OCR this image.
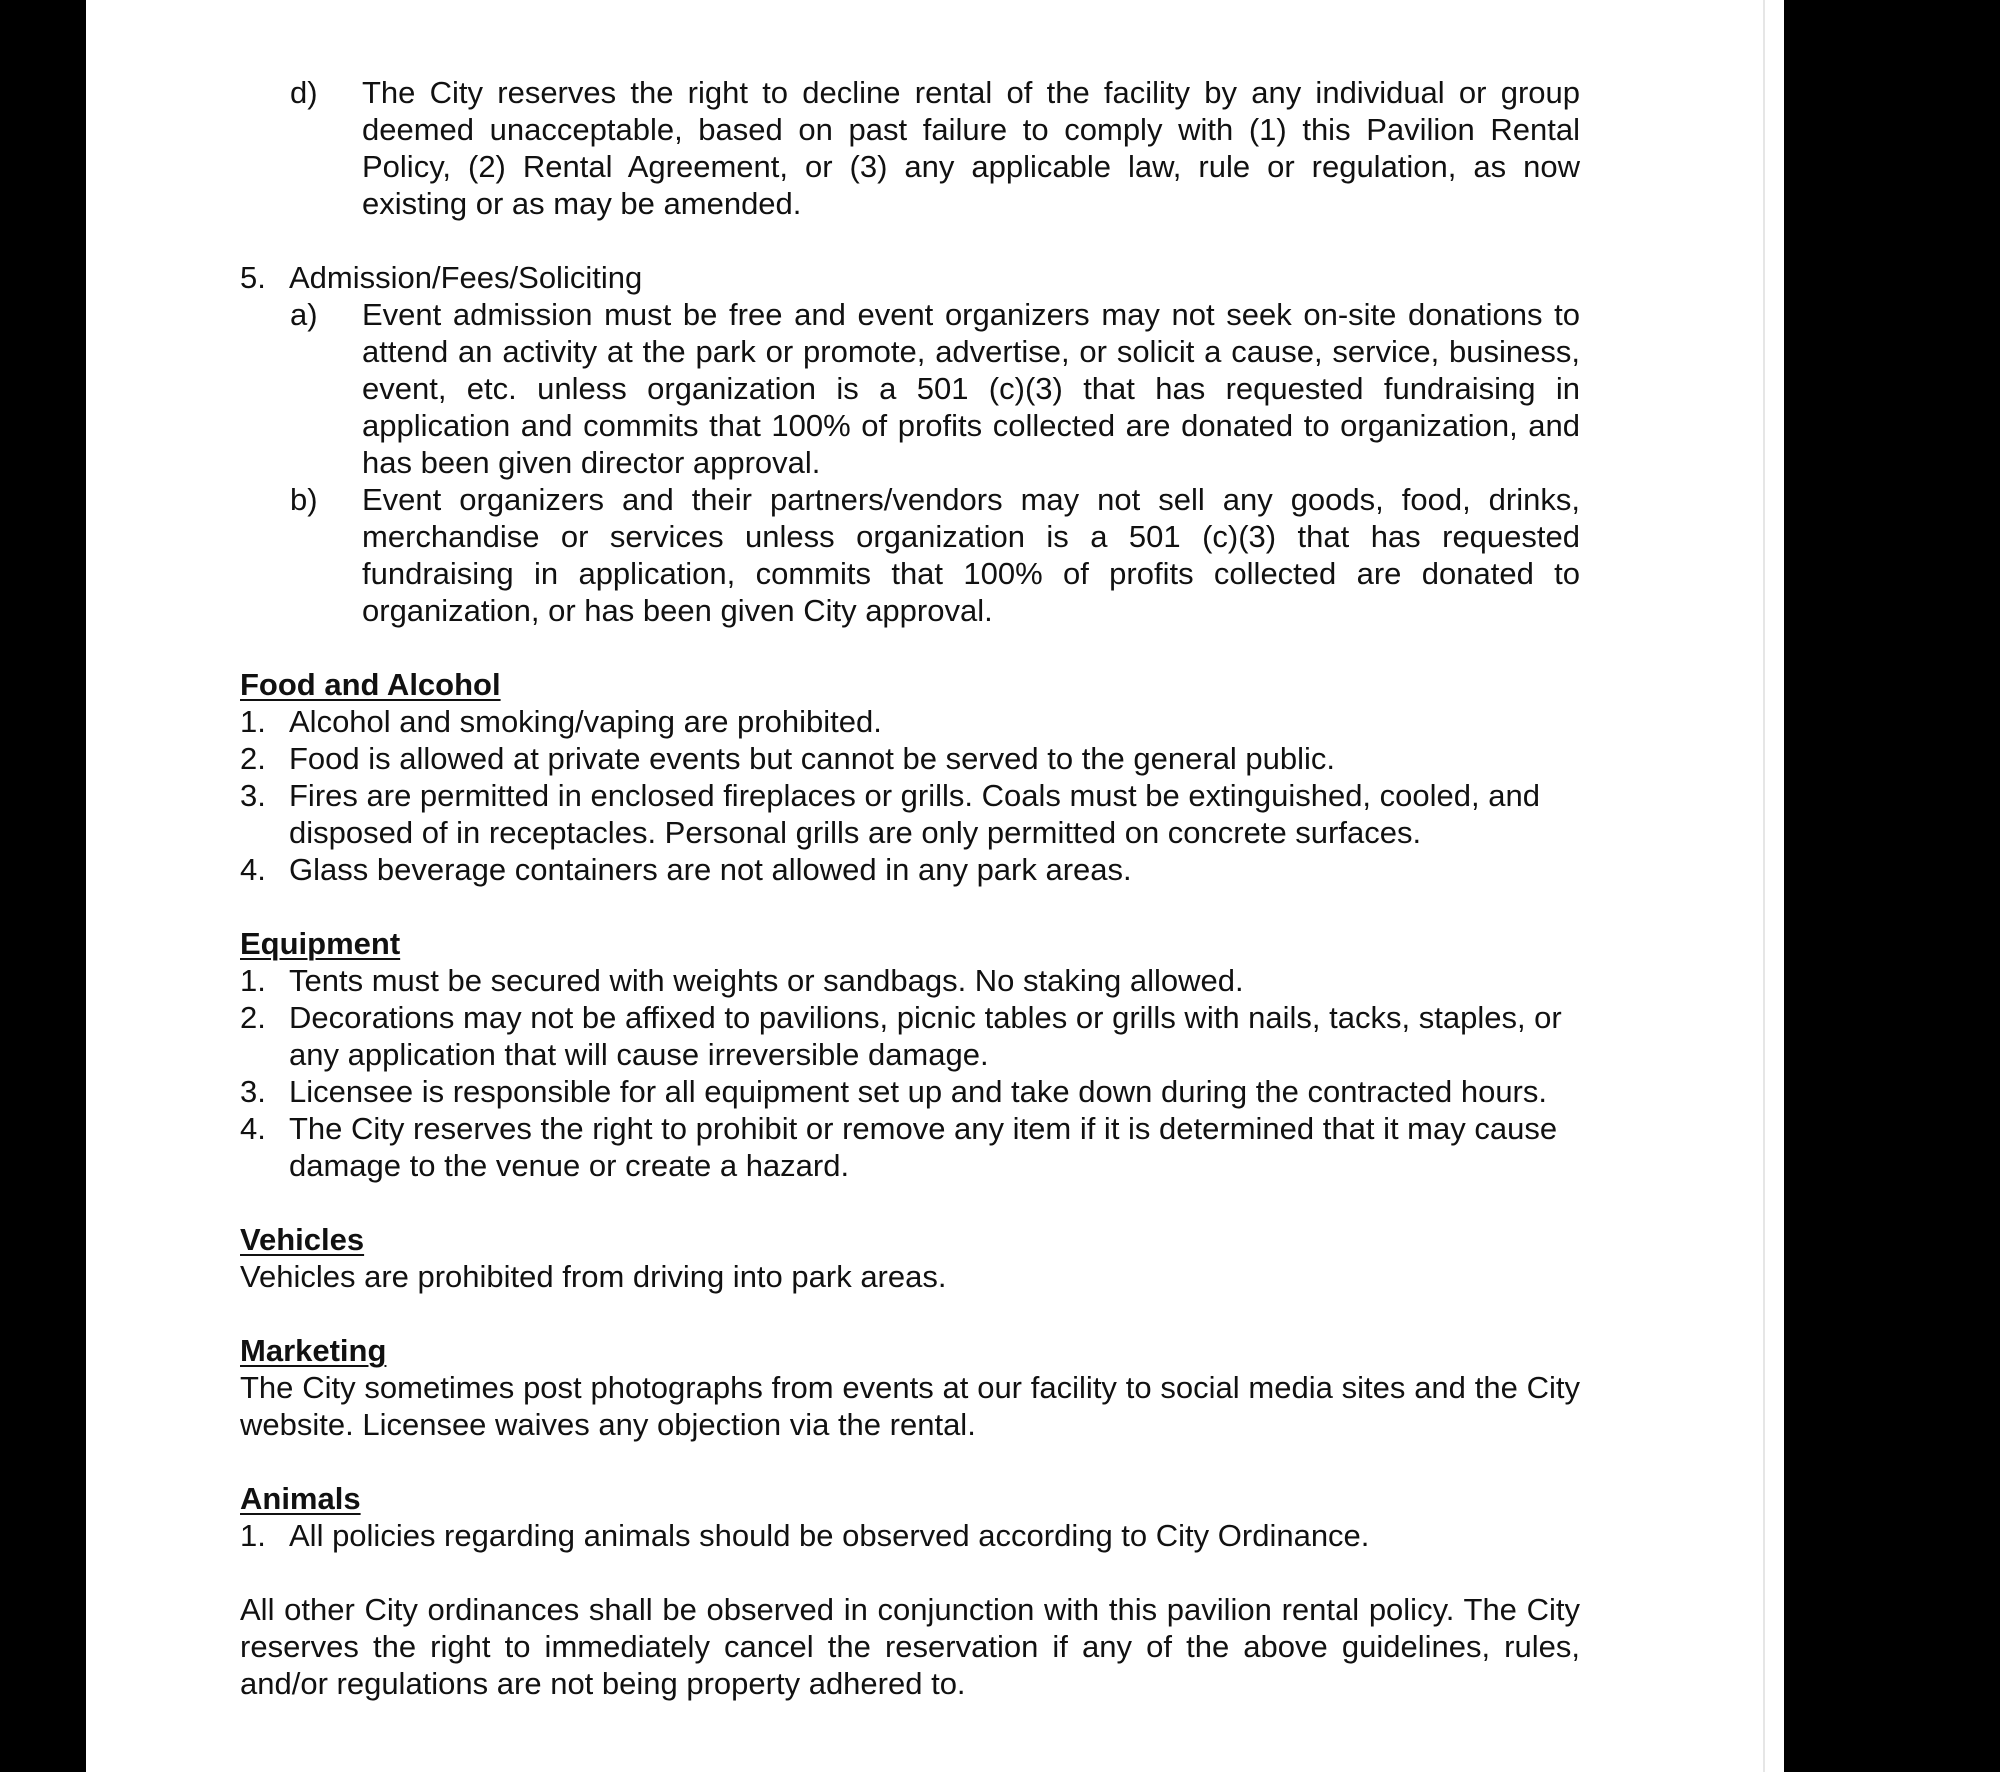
d) The City reserves the right to decline rental of the facility by any individual or group deemed unacceptable, based on past failure to comply with (1) this Pavilion Rental Policy, (2) Rental Agreement, or (3) any applicable law, rule or regulation, as now existing or as may be amended.
5. Admission/Fees/Soliciting
a) Event admission must be free and event organizers may not seek on-site donations to attend an activity at the park or promote, advertise, or solicit a cause, service, business, event, etc. unless organization is a 501 (c)(3) that has requested fundraising in application and commits that 100% of profits collected are donated to organization, and has been given director approval.
b) Event organizers and their partners/vendors may not sell any goods, food, drinks, merchandise or services unless organization is a 501 (c)(3) that has requested fundraising in application, commits that 100% of profits collected are donated to organization, or has been given City approval.

Food and Alcohol

1. Alcohol and smoking/vaping are prohibited.
2. Food is allowed at private events but cannot be served to the general public.
3. Fires are permitted in enclosed fireplaces or grills. Coals must be extinguished, cooled, and disposed of in receptacles. Personal grills are only permitted on concrete surfaces.
4. Glass beverage containers are not allowed in any park areas.

Equipment

1. Tents must be secured with weights or sandbags. No staking allowed.
2. Decorations may not be affixed to pavilions, picnic tables or grills with nails, tacks, staples, or any application that will cause irreversible damage.
3. Licensee is responsible for all equipment set up and take down during the contracted hours.
4. The City reserves the right to prohibit or remove any item if it is determined that it may cause damage to the venue or create a hazard.

Vehicles

Vehicles are prohibited from driving into park areas.

Marketing

The City sometimes post photographs from events at our facility to social media sites and the City website. Licensee waives any objection via the rental.

Animals

1. All policies regarding animals should be observed according to City Ordinance.

All other City ordinances shall be observed in conjunction with this pavilion rental policy. The City reserves the right to immediately cancel the reservation if any of the above guidelines, rules, and/or regulations are not being property adhered to.
